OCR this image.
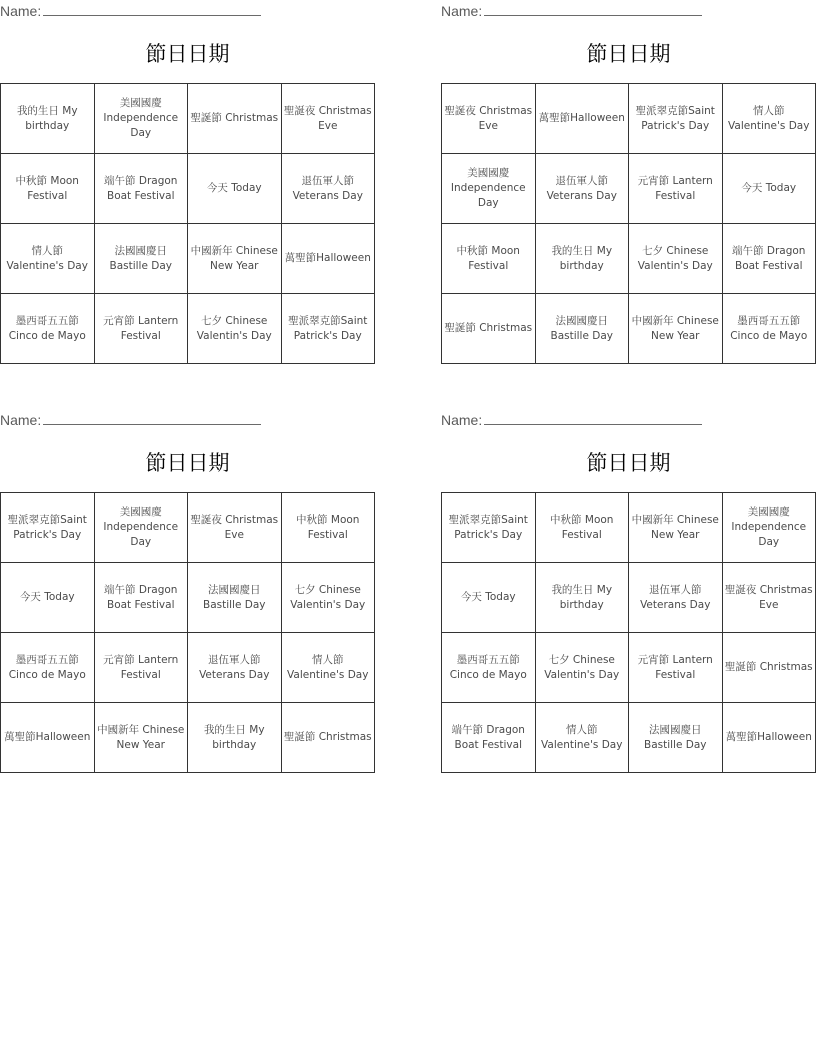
Name:
節日日期
我的生日 My birthday	美國國慶 Independence Day	聖誕節 Christmas	聖誕夜 Christmas Eve
中秋節 Moon Festival	端午節 Dragon Boat Festival	今天 Today	退伍軍人節 Veterans Day
情人節 Valentine's Day	法國國慶日 Bastille Day	中國新年 Chinese New Year	萬聖節Halloween
墨西哥五五節 Cinco de Mayo	元宵節 Lantern Festival	七夕 Chinese Valentin's Day	聖派翠克節Saint Patrick's Day
Name:
節日日期
聖誕夜 Christmas Eve	萬聖節Halloween	聖派翠克節Saint Patrick's Day	情人節 Valentine's Day
美國國慶 Independence Day	退伍軍人節 Veterans Day	元宵節 Lantern Festival	今天 Today
中秋節 Moon Festival	我的生日 My birthday	七夕 Chinese Valentin's Day	端午節 Dragon Boat Festival
聖誕節 Christmas	法國國慶日 Bastille Day	中國新年 Chinese New Year	墨西哥五五節 Cinco de Mayo
Name:
節日日期
聖派翠克節Saint Patrick's Day	美國國慶 Independence Day	聖誕夜 Christmas Eve	中秋節 Moon Festival
今天 Today	端午節 Dragon Boat Festival	法國國慶日 Bastille Day	七夕 Chinese Valentin's Day
墨西哥五五節 Cinco de Mayo	元宵節 Lantern Festival	退伍軍人節 Veterans Day	情人節 Valentine's Day
萬聖節Halloween	中國新年 Chinese New Year	我的生日 My birthday	聖誕節 Christmas
Name:
節日日期
聖派翠克節Saint Patrick's Day	中秋節 Moon Festival	中國新年 Chinese New Year	美國國慶 Independence Day
今天 Today	我的生日 My birthday	退伍軍人節 Veterans Day	聖誕夜 Christmas Eve
墨西哥五五節 Cinco de Mayo	七夕 Chinese Valentin's Day	元宵節 Lantern Festival	聖誕節 Christmas
端午節 Dragon Boat Festival	情人節 Valentine's Day	法國國慶日 Bastille Day	萬聖節Halloween
